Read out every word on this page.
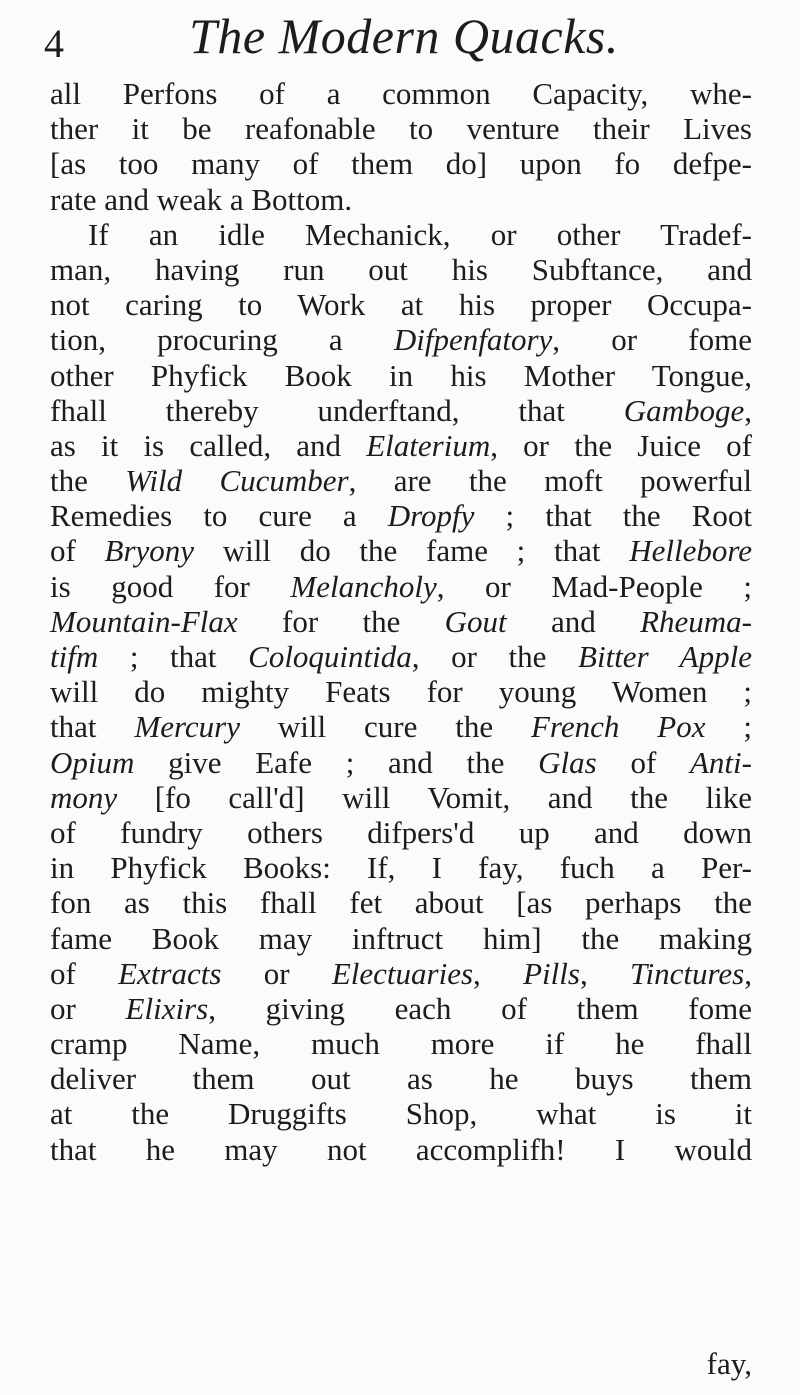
4	The Modern Quacks.
all Perfons of a common Capacity, whe-
ther it be reafonable to venture their Lives
[as too many of them do] upon fo defpe-
rate and weak a Bottom.
If an idle Mechanick, or other Tradef-
man, having run out his Subftance, and
not caring to Work at his proper Occupa-
tion, procuring a Difpenfatory, or fome
other Phyfick Book in his Mother Tongue,
fhall thereby underftand, that Gamboge,
as it is called, and Elaterium, or the Juice of
the Wild Cucumber, are the moft powerful
Remedies to cure a Dropfy ; that the Root
of Bryony will do the fame ; that Hellebore
is good for Melancholy, or Mad-People ;
Mountain-Flax for the Gout and Rheuma-
tifm ; that Coloquintida, or the Bitter Apple
will do mighty Feats for young Women ;
that Mercury will cure the French Pox ;
Opium give Eafe ; and the Glas of Anti-
mony [fo call'd] will Vomit, and the like
of fundry others difpers'd up and down
in Phyfick Books: If, I fay, fuch a Per-
fon as this fhall fet about [as perhaps the
fame Book may inftruct him] the making
of Extracts or Electuaries, Pills, Tinctures,
or Elixirs, giving each of them fome
cramp Name, much more if he fhall
deliver them out as he buys them
at the Druggifts Shop, what is it
that he may not accomplifh! I would
fay,
